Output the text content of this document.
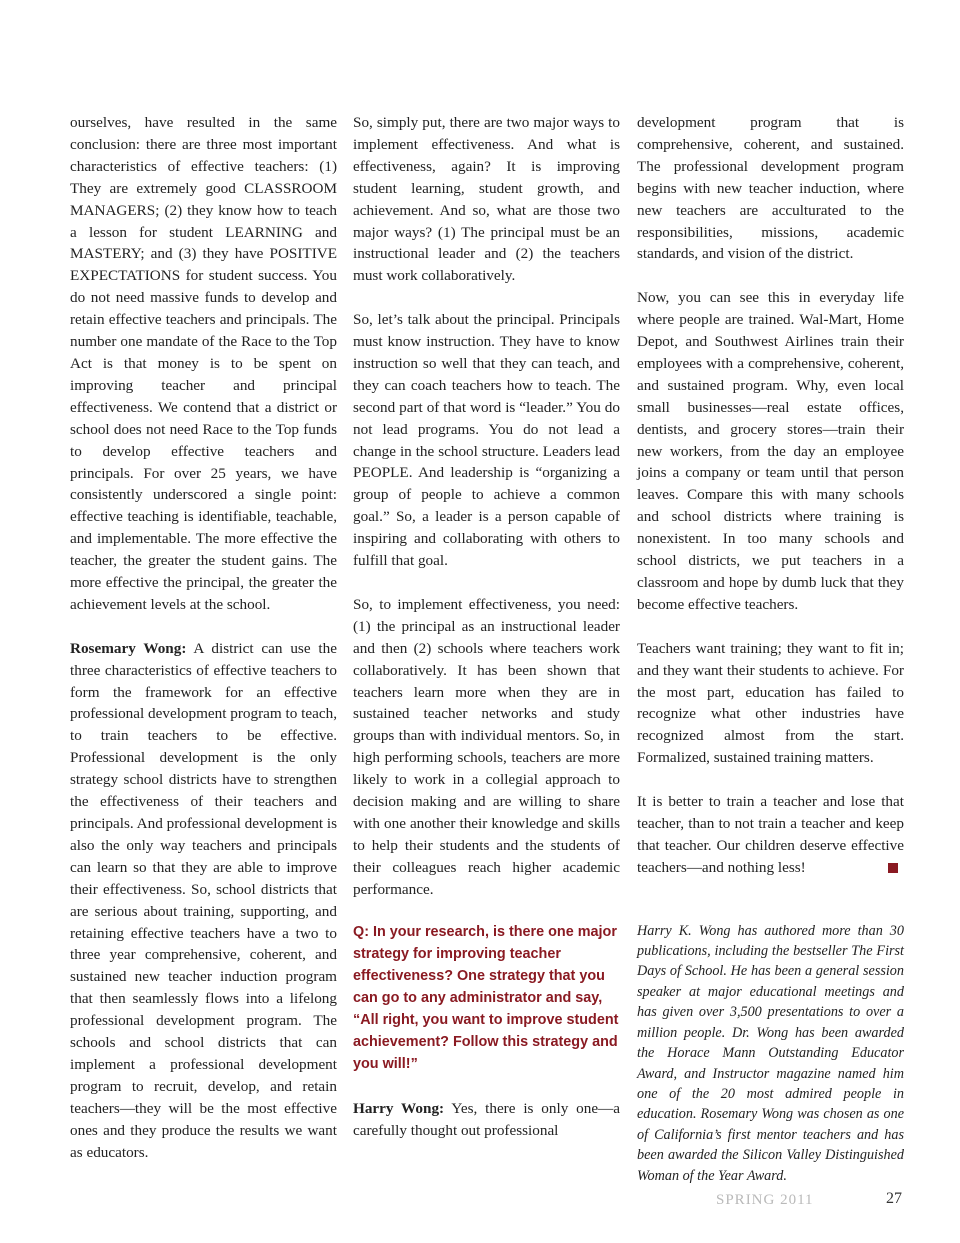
ourselves, have resulted in the same conclusion: there are three most important characteristics of effective teachers: (1) They are extremely good CLASSROOM MANAGERS; (2) they know how to teach a lesson for student LEARNING and MASTERY; and (3) they have POSITIVE EXPECTATIONS for student success. You do not need massive funds to develop and retain effective teachers and principals. The number one mandate of the Race to the Top Act is that money is to be spent on improving teacher and principal effectiveness. We contend that a district or school does not need Race to the Top funds to develop effective teachers and principals. For over 25 years, we have consistently underscored a single point: effective teaching is identifiable, teachable, and implementable. The more effective the teacher, the greater the student gains. The more effective the principal, the greater the achievement levels at the school.

Rosemary Wong: A district can use the three characteristics of effective teachers to form the framework for an effective professional development program to teach, to train teachers to be effective. Professional development is the only strategy school districts have to strengthen the effectiveness of their teachers and principals. And professional development is also the only way teachers and principals can learn so that they are able to improve their effectiveness. So, school districts that are serious about training, supporting, and retaining effective teachers have a two to three year comprehensive, coherent, and sustained new teacher induction program that then seamlessly flows into a lifelong professional development program. The schools and school districts that can implement a professional development program to recruit, develop, and retain teachers—they will be the most effective ones and they produce the results we want as educators.

So, simply put, there are two major ways to implement effectiveness. And what is effectiveness, again? It is improving student learning, student growth, and achievement. And so, what are those two major ways? (1) The principal must be an instructional leader and (2) the teachers must work collaboratively.

So, let’s talk about the principal. Principals must know instruction. They have to know instruction so well that they can teach, and they can coach teachers how to teach. The second part of that word is “leader.” You do not lead programs. You do not lead a change in the school structure. Leaders lead PEOPLE. And leadership is “organizing a group of people to achieve a common goal.” So, a leader is a person capable of inspiring and collaborating with others to fulfill that goal.

So, to implement effectiveness, you need: (1) the principal as an instructional leader and then (2) schools where teachers work collaboratively. It has been shown that teachers learn more when they are in sustained teacher networks and study groups than with individual mentors. So, in high performing schools, teachers are more likely to work in a collegial approach to decision making and are willing to share with one another their knowledge and skills to help their students and the students of their colleagues reach higher academic performance.

Q: In your research, is there one major strategy for improving teacher effectiveness? One strategy that you can go to any administrator and say, “All right, you want to improve student achievement? Follow this strategy and you will!”

Harry Wong: Yes, there is only one—a carefully thought out professional

development program that is comprehensive, coherent, and sustained. The professional development program begins with new teacher induction, where new teachers are acculturated to the responsibilities, missions, academic standards, and vision of the district.

Now, you can see this in everyday life where people are trained. Wal-Mart, Home Depot, and Southwest Airlines train their employees with a comprehensive, coherent, and sustained program. Why, even local small businesses—real estate offices, dentists, and grocery stores—train their new workers, from the day an employee joins a company or team until that person leaves. Compare this with many schools and school districts where training is nonexistent. In too many schools and school districts, we put teachers in a classroom and hope by dumb luck that they become effective teachers.

Teachers want training; they want to fit in; and they want their students to achieve. For the most part, education has failed to recognize what other industries have recognized almost from the start. Formalized, sustained training matters.

It is better to train a teacher and lose that teacher, than to not train a teacher and keep that teacher. Our children deserve effective teachers—and nothing less!

Harry K. Wong has authored more than 30 publications, including the bestseller The First Days of School. He has been a general session speaker at major educational meetings and has given over 3,500 presentations to over a million people. Dr. Wong has been awarded the Horace Mann Outstanding Educator Award, and Instructor magazine named him one of the 20 most admired people in education. Rosemary Wong was chosen as one of California’s first mentor teachers and has been awarded the Silicon Valley Distinguished Woman of the Year Award.

SPRING 2011	27
